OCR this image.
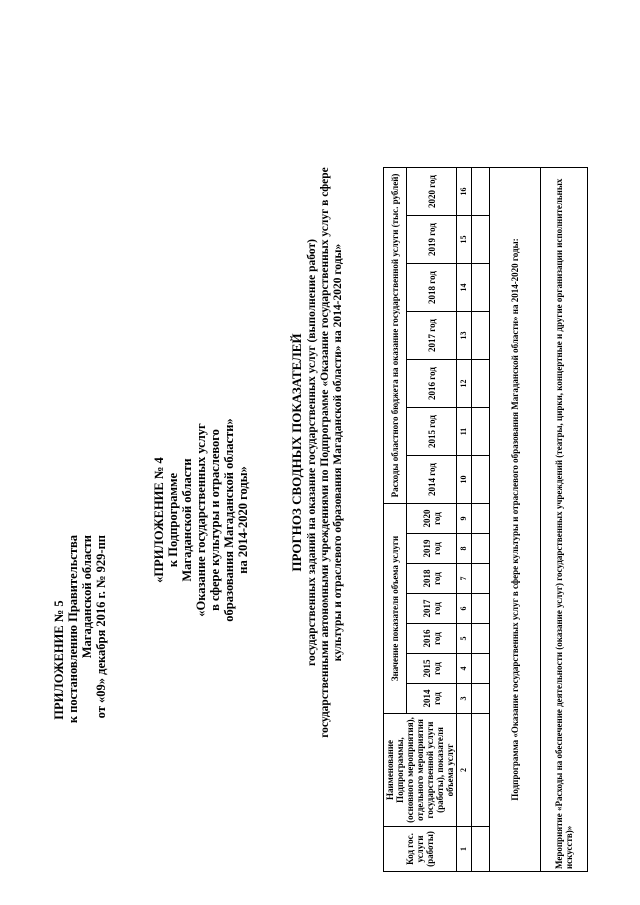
ПРИЛОЖЕНИЕ № 5 к постановлению Правительства Магаданской области от «09» декабря 2016 г. № 929-пп
«ПРИЛОЖЕНИЕ № 4 к Подпрограмме Магаданской области «Оказание государственных услуг в сфере культуры и отраслевого образования Магаданской области» на 2014-2020 годы»	ПРОГНОЗ СВОДНЫХ ПОКАЗАТЕЛЕЙ государственных заданий на оказание государственных услуг (выполнение работ) государственными автономными учреждениями по Подпрограмме «Оказание государственных услуг в сфере культуры и отраслевого образования Магаданской области» на 2014-2020 годы»
Код гос. услуги (работы)	Наименование Подпрограммы, (основного мероприятия), отдельного мероприятия государственной услуги (работы), показателя объема услуг	Значение показателя объема услуги							Расходы областного бюджета на оказание государственной услуги (тыс. рублей)						
		2014 год	2015 год	2016 год	2017 год	2018 год	2019 год	2020 год	2014 год	2015 год	2016 год	2017 год	2018 год	2019 год	2020 год
1	2	3	4	5	6	7	8	9	10	11	12	13	14	15	16

Подпрограмма «Оказание государственных услуг в сфере культуры и отраслевого образования Магаданской области» на 2014-2020 годы:															
Мероприятие «Расходы на обеспечение деятельности (оказание услуг) государственных учреждений (театры, цирки, концертные и другие организации исполнительных искусств)»															
